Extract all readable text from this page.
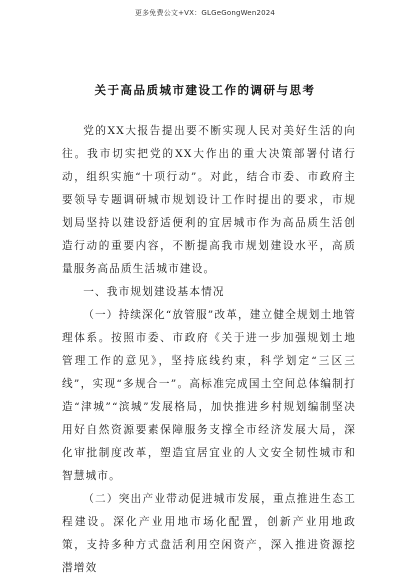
更多免费公文+VX：GLGeGongWen2024
关于高品质城市建设工作的调研与思考

党的XX大报告提出要不断实现人民对美好生活的向往。我市切实把党的XX大作出的重大决策部署付诸行动，组织实施“十项行动”。对此，结合市委、市政府主要领导专题调研城市规划设计工作时提出的要求，市规划局坚持以建设舒适便利的宜居城市作为高品质生活创造行动的重要内容，不断提高我市规划建设水平，高质量服务高品质生活城市建设。

一、我市规划建设基本情况

（一）持续深化“放管服”改革，建立健全规划土地管理体系。按照市委、市政府《关于进一步加强规划土地管理工作的意见》，坚持底线约束，科学划定“三区三线”，实现“多规合一”。高标准完成国土空间总体编制打造“津城”“滨城”发展格局，加快推进乡村规划编制坚决用好自然资源要素保障服务支撑全市经济发展大局，深化审批制度改革，塑造宜居宜业的人文安全韧性城市和智慧城市。

（二）突出产业带动促进城市发展，重点推进生态工程建设。深化产业用地市场化配置，创新产业用地政策，支持多种方式盘活利用空闲资产，深入推进资源挖潜增效
